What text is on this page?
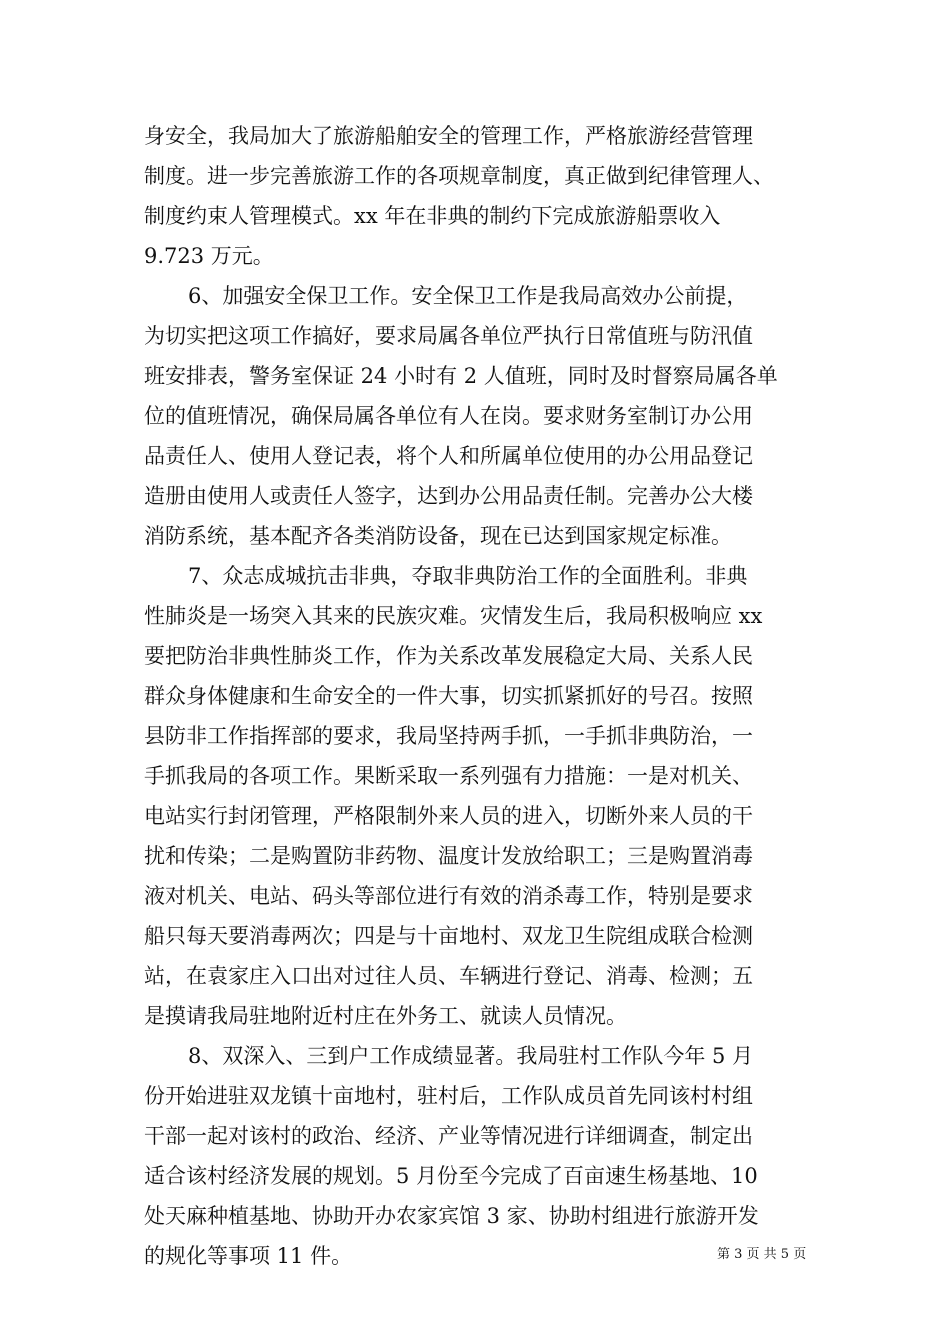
身安全，我局加大了旅游船舶安全的管理工作，严格旅游经营管理
制度。进一步完善旅游工作的各项规章制度，真正做到纪律管理人、
制度约束人管理模式。xx 年在非典的制约下完成旅游船票收入
9.723 万元。
6、加强安全保卫工作。安全保卫工作是我局高效办公前提，
为切实把这项工作搞好，要求局属各单位严执行日常值班与防汛值
班安排表，警务室保证 24 小时有 2 人值班，同时及时督察局属各单
位的值班情况，确保局属各单位有人在岗。要求财务室制订办公用
品责任人、使用人登记表，将个人和所属单位使用的办公用品登记
造册由使用人或责任人签字，达到办公用品责任制。完善办公大楼
消防系统，基本配齐各类消防设备，现在已达到国家规定标准。
7、众志成城抗击非典，夺取非典防治工作的全面胜利。非典
性肺炎是一场突入其来的民族灾难。灾情发生后，我局积极响应 xx
要把防治非典性肺炎工作，作为关系改革发展稳定大局、关系人民
群众身体健康和生命安全的一件大事，切实抓紧抓好的号召。按照
县防非工作指挥部的要求，我局坚持两手抓，一手抓非典防治，一
手抓我局的各项工作。果断采取一系列强有力措施：一是对机关、
电站实行封闭管理，严格限制外来人员的进入，切断外来人员的干
扰和传染；二是购置防非药物、温度计发放给职工；三是购置消毒
液对机关、电站、码头等部位进行有效的消杀毒工作，特别是要求
船只每天要消毒两次；四是与十亩地村、双龙卫生院组成联合检测
站，在袁家庄入口出对过往人员、车辆进行登记、消毒、检测；五
是摸请我局驻地附近村庄在外务工、就读人员情况。
8、双深入、三到户工作成绩显著。我局驻村工作队今年 5 月
份开始进驻双龙镇十亩地村，驻村后，工作队成员首先同该村村组
干部一起对该村的政治、经济、产业等情况进行详细调查，制定出
适合该村经济发展的规划。5 月份至今完成了百亩速生杨基地、10
处天麻种植基地、协助开办农家宾馆 3 家、协助村组进行旅游开发
的规化等事项 11 件。	第 3 页 共 5 页
